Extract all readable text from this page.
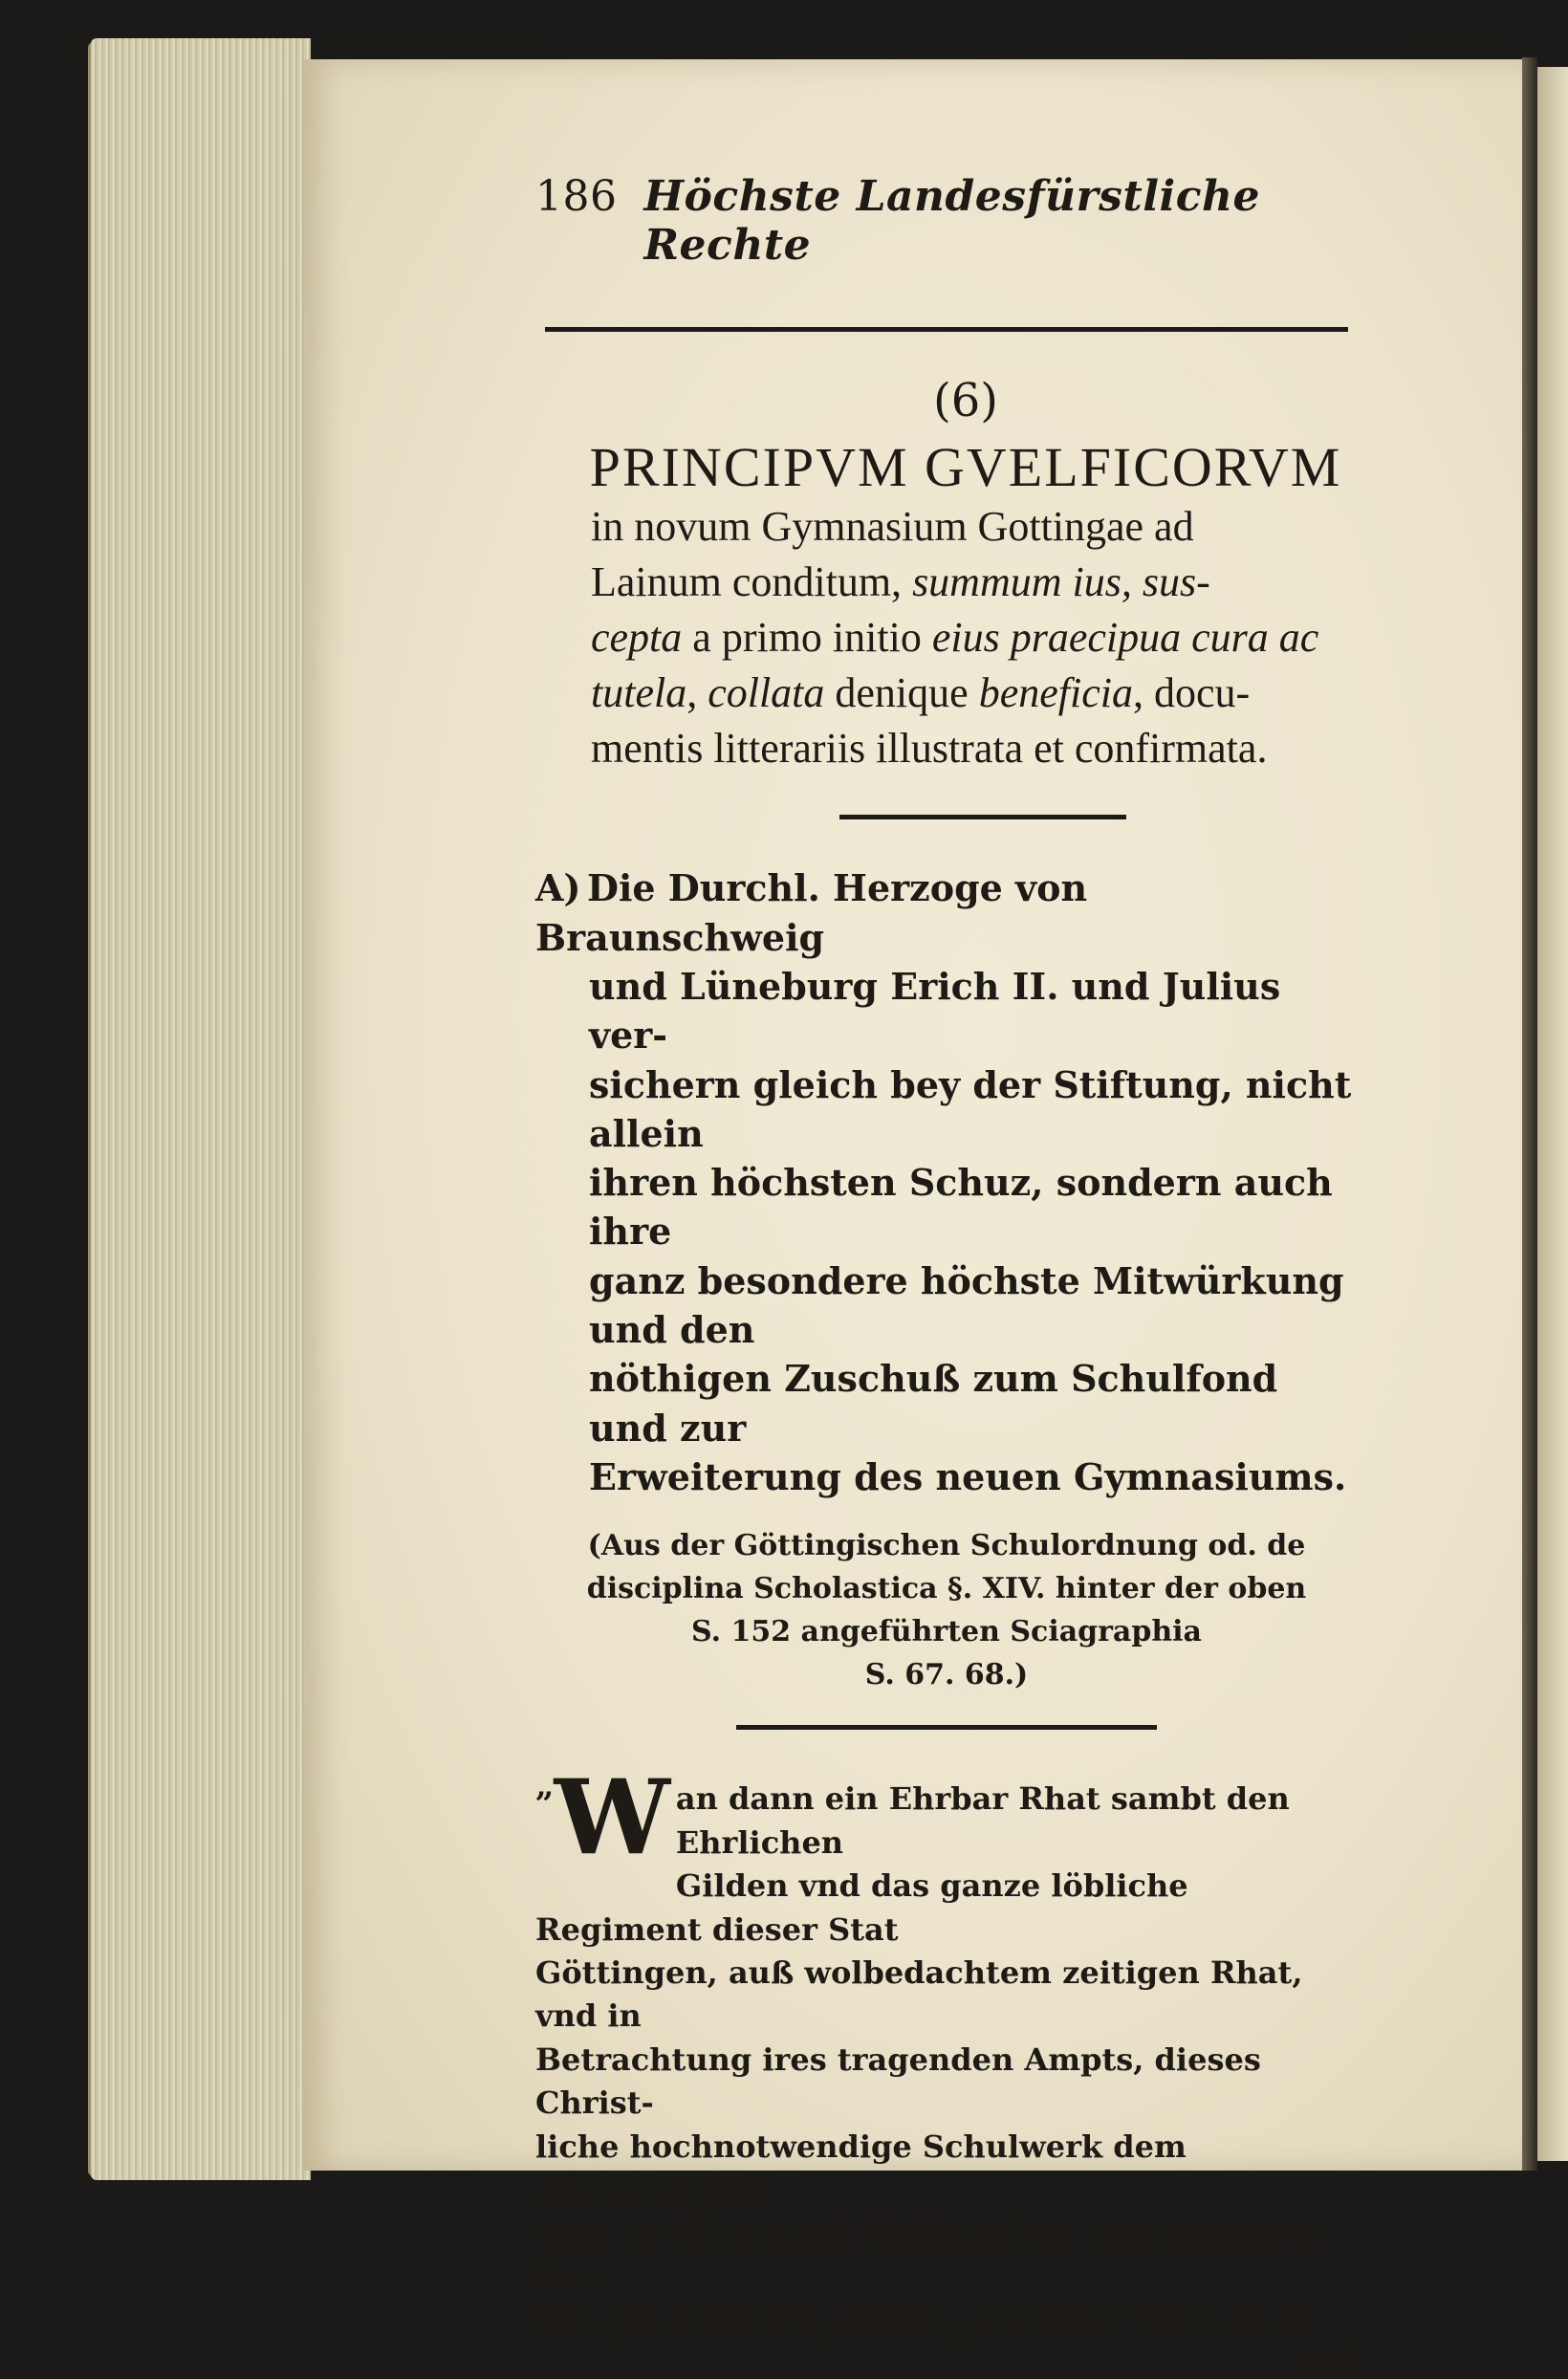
186 Höchste Landesfürstliche Rechte
(6)
PRINCIPVM GVELFICORVM
in novum Gymnasium Gottingae ad
Lainum conditum, summum ius, sus-
cepta a primo initio eius praecipua cura ac
tutela, collata denique beneficia, docu-
mentis litterariis illustrata et confirmata.
A) Die Durchl. Herzoge von Braunschweig
und Lüneburg Erich II. und Julius ver-
sichern gleich bey der Stiftung, nicht allein
ihren höchsten Schuz, sondern auch ihre
ganz besondere höchste Mitwürkung und den
nöthigen Zuschuß zum Schulfond und zur
Erweiterung des neuen Gymnasiums.
(Aus der Göttingischen Schulordnung od. de
disciplina Scholastica §. XIV. hinter der oben
S. 152 angeführten Sciagraphia
S. 67. 68.)
„W an dann ein Ehrbar Rhat sambt den Ehrlichen
Gilden vnd das ganze löbliche Regiment dieser Stat
Göttingen, auß wolbedachtem zeitigen Rhat, vnd in
Betrachtung ires tragenden Ampts, dieses Christ-
liche hochnotwendige Schulwerk dem Allmächtigen
Gott zu Ehren und Wolgefallen, vnd in diesen lez-
ten geschwinden Zeiten, gemeiner diser Stat
vnd
